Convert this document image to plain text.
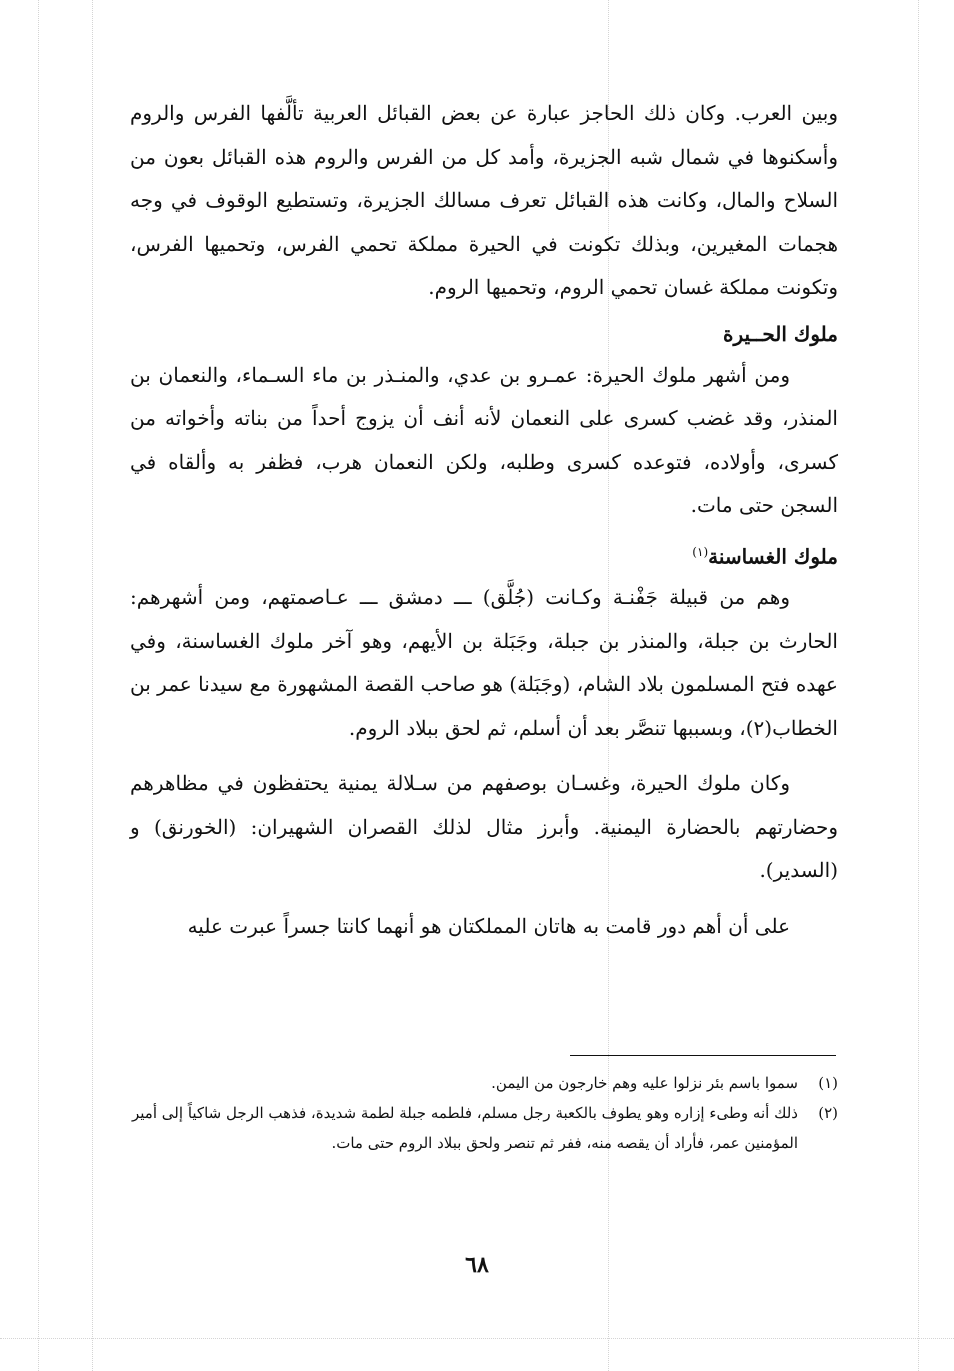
وبين العرب. وكان ذلك الحاجز عبارة عن بعض القبائل العربية تألَّفها الفرس والروم وأسكنوها في شمال شبه الجزيرة، وأمد كل من الفرس والروم هذه القبائل بعون من السلاح والمال، وكانت هذه القبائل تعرف مسالك الجزيرة، وتستطيع الوقوف في وجه هجمات المغيرين، وبذلك تكونت في الحيرة مملكة تحمي الفرس، وتحميها الفرس، وتكونت مملكة غسان تحمي الروم، وتحميها الروم.

ملوك الحــيرة

ومن أشهر ملوك الحيرة: عمـرو بن عدي، والمنـذر بن ماء السـماء، والنعمان بن المنذر، وقد غضب كسرى على النعمان لأنه أنف أن يزوج أحداً من بناته وأخواته من كسرى، وأولاده، فتوعده كسرى وطلبه، ولكن النعمان هرب، فظفر به وألقاه في السجن حتى مات.

ملوك الغساسنة$^{(١)}$

وهم من قبيلة جَفْنـة وكـانت (جُلَّق) ـــ دمشق ـــ عـاصمتهم، ومن أشهرهم: الحارث بن جبلة، والمنذر بن جبلة، وجَبَلة بن الأيهم، وهو آخر ملوك الغساسنة، وفي عهده فتح المسلمون بلاد الشام، (وجَبَلة) هو صاحب القصة المشهورة مع سيدنا عمر بن الخطاب(٢)، وبسببها تنصَّر بعد أن أسلم، ثم لحق ببلاد الروم.

وكان ملوك الحيرة، وغسـان بوصفهم من سـلالة يمنية يحتفظون في مظاهرهم وحضارتهم بالحضارة اليمنية. وأبرز مثال لذلك القصران الشهيران: (الخورنق) و (السدير).

على أن أهم دور قامت به هاتان المملكتان هو أنهما كانتا جسراً عبرت عليه

(١)
سموا باسم بئر نزلوا عليه وهم خارجون من اليمن.
(٢)
ذلك أنه وطىء إزاره وهو يطوف بالكعبة رجل مسلم، فلطمه جبلة لطمة شديدة، فذهب الرجل شاكياً إلى أمير المؤمنين عمر، فأراد أن يقصه منه، ففر ثم تنصر ولحق ببلاد الروم حتى مات.
٦٨
